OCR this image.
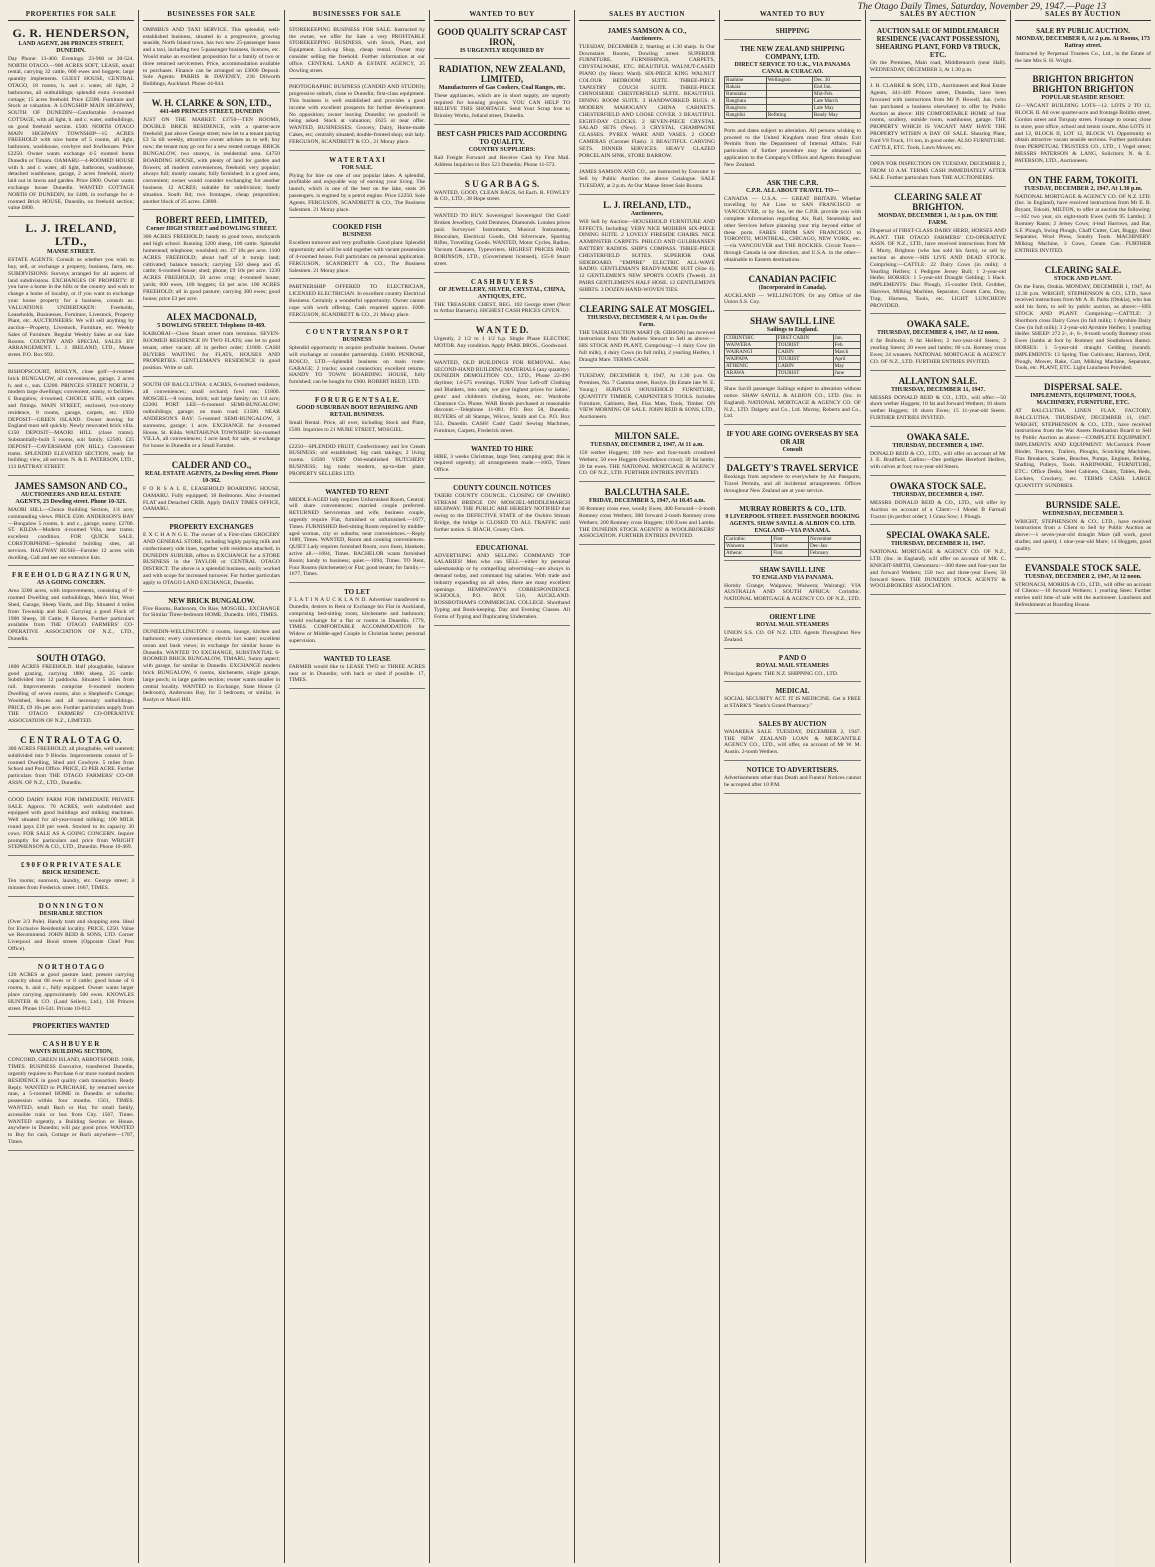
The Otago Daily Times, Saturday, November 29, 1947.—Page 13
PROPERTIES FOR SALE
G. R. HENDERSON,
LAND AGENT, 266 PRINCES STREET, DUNEDIN.
Day Phone: 13-460. Evenings: 23-960 or 20-524. NORTH OTAGO.—900 ACRES SOFT, LEASE, small rental, carrying 32 cattle, 600 ewes and hoggets; large quantity implements. GUEST HOUSE, CENTRAL OTAGO, 18 rooms, h. and c. water, all light, 2 bathrooms, all outbuildings; splendid extra 4-roomed cottage; 15 acres freehold. Price £2300. Furniture and Stock at valuation. A LONGSHIP MAIN HIGHWAY, SOUTH OF DUNEDIN—Comfortable 4-roomed COTTAGE, with all light, h. and c. water, outbuildings, on good freehold section. £500. NORTH OTAGO MAIN HIGHWAY TOWNSHIP—15 ACRES FREEHOLD with nice home of 5 rooms, all light, bathroom, washhouse, cowbyre and fowlhouses. Price £2250. Owner wants exchange 4-5 roomed home Dunedin or Timaru. OAMARU—4-ROOMED HOUSE with h. and c. water, all light, bathroom, washhouse, detached washhouse, garage, 2 acres freehold, nicely laid out in lawns and garden. Price £800. Owner wants exchange house Dunedin. WANTED COTTAGE NORTH OF DUNEDIN, for £400, in exchange for 4-roomed Brick HOUSE, Dunedin, on freehold section; value £800.
L. J. IRELAND, LTD.,
MANSE STREET.
ESTATE AGENTS: Consult us whether you wish to buy, sell, or exchange a property, business, farm, etc. SUBDIVISIONS: Surveys arranged for all aspects of land subdivisions. EXCHANGES OF PROPERTY: If you have a home in the hills or the country and wish to change a home of locality, or if you want to exchange your house property for a business, consult us. VALUATIONS UNDERTAKEN: Freeholds, Leaseholds, Businesses, Furniture, Livestock, Property Plant, etc. AUCTIONEERS: We will sell anything by auction—Property, Livestock, Furniture, etc. Weekly Sales of Furniture. Regular Weekly Sales at our Sale Rooms. COUNTRY AND SPECIAL SALES BY ARRANGEMENT. L. J. IRELAND, LTD., Manse street. P.O. Box 692.
BISHOPSCOURT, ROSLYN, close golf—4-roomed brick BUNGALOW, all conveniences, garage, 2 acres h. and c., sun. £3200. PRINCES STREET NORTH, 2 modern large dwellings; convenient, sunny, to facilities. £ Bungalow, 4-roomed, CHOICE SITE, with carpets and fittings. MAIN STREET, enclosed, two-storey residence, 8 rooms, garage, carpets, etc. £950 DEPOSIT—GREEN ISLAND. Owner leaving for England must sell quickly. Newly renovated brick villa. £150 DEPOSIT—MAORI HILL (close trams). Substantially-built 5 rooms, suit family. £2500. £25 DEPOSIT—CAVERSHAM (ON HILL). Convenient trams. SPLENDID ELEVATED SECTION, ready for building; view, all services. N. & E. PATERSON, LTD., 113 BATTRAY STREET.
JAMES SAMSON AND CO.,
AUCTIONEERS AND REAL ESTATE AGENTS, 23 Dowling street. Phone 10-321.
MAORI HILL—Choice Building Section, 1/4 acre, commanding views. PRICE £500. ANDERSON'S BAY—Bungalow 5 rooms, h. and c., garage, sunny. £2700. ST. KILDA—Modern 4-roomed Villa, near trams; excellent condition. FOR QUICK SALE. CORSTORPHINE—Splendid building sites, all services. HALFWAY BUSH—Farmlet 12 acres with dwelling. Call and see our extensive lists.
F R E E H O L D G R A Z I N G R U N,
AS A GOING CONCERN.
Area 3300 acres, with improvements, consisting of 6-roomed Dwelling and outbuildings, Men's Hut, Wool Shed, Garage, Sheep Yards, and Dip. Situated 4 miles from Township and Rail. Carrying a good Flock of 1900 Sheep, 30 Cattle, 8 Horses. Further particulars available from THE OTAGO FARMERS' CO-OPERATIVE ASSOCIATION OF N.Z., LTD., Dunedin.
SOUTH OTAGO.
1800 ACRES FREEHOLD. Half ploughable, balance good grazing, carrying 1800 sheep, 25 cattle. Subdivided into 12 paddocks. Situated 5 miles from rail. Improvements comprise 6-roomed modern Dwelling of seven rooms, also a Shepherd's Cottage; Woolshed, fences and all necessary outbuildings. PRICE, £9 10s per acre. Further particulars supply from THE OTAGO FARMERS' CO-OPERATIVE ASSOCIATION OF N.Z., LIMITED.
C E N T R A L O T A G O.
300 ACRES FREEHOLD, all ploughable, well watered; subdivided into 9 Blocks. Improvements consist of 5-roomed Dwelling, Shed and Cowbyre. 5 miles from School and Post Office. PRICE, £3 PER ACRE. Further particulars from THE OTAGO FARMERS' CO-OP. ASSN. OF N.Z., LTD., Dunedin.
GOOD DAIRY FARM FOR IMMEDIATE PRIVATE SALE. Approx. 70 ACRES, well subdivided and equipped with good buildings and milking machines. Well situated for all-year-round milking; 100 MILK round pays £18 per week. Stocked to its capacity 30 cows. FOR SALE AS A GOING CONCERN. Inquire promptly for particulars and price from WRIGHT STEPHENSON & CO., LTD., Dunedin. Phone 10-469.
£ 9 0 F O R P R I V A T E S A L E
BRICK RESIDENCE.
Ten rooms; sunroom, laundry, etc. George street; 3 minutes from Frederick street. 1667, TIMES.
D O N N I N G T O N
DESIRABLE SECTION
(Over 2/3 Pole). Handy tram and shopping area. Ideal for Exclusive Residential locality. PRICE, £250. Value we Recommend. JOHN REID & SONS, LTD. Corner Liverpool and Bond streets (Opposite Chief Post Office).
N O R T H O T A G O
120 ACRES at good pasture land; present carrying capacity about 60 ewes or 8 cattle; good house of 6 rooms, h. and c., fully equipped. Owner wants larger place carrying approximately 500 ewes. KNOWLES HUNTER & CO. (Land Sellers, Ltd.), 136 Princes street. Phone 16-541. Private 10-012.
PROPERTIES WANTED
C A S H B U Y E R
WANTS BUILDING SECTION,
CONCORD, GREEN ISLAND, ABBOTSFORD. 1666, TIMES. BUSINESS Executive, transferred Dunedin, urgently requires to Purchase 6 or more roomed modern RESIDENCE in good quality cash transaction. Ready Reply. WANTED to PURCHASE, by returned service man, a 5-roomed HOME in Dunedin or suburbs; possession within four months. 1561, TIMES. WANTED, small Bach or Hut, for small family, accessible train or bus from City. 1567, Times. WANTED urgently, a Building Section or House, anywhere in Dunedin; will pay good price. WANTED to Buy for cash, Cottage or Bach anywhere—1787, Times.
BUSINESSES FOR SALE
OMNIBUS AND TAXI SERVICE. This splendid, well-established business, situated in a progressive, growing seaside, North Island town, has two new 25-passenger buses and a taxi, including two 5-passenger business, licences, etc. Would make an excellent proposition for a family of two or three returned servicemen. Price, accommodation available to purchaser. Finance can be arranged on £3000 Deposit. Sole Agents: PARRIS & DAVENEY, 236 Dilworth Buildings, Auckland. Phone 44-044.
W. H. CLARKE & SON, LTD.,
441-449 PRINCES STREET, DUNEDIN
JUST ON THE MARKET. £3750—TEN ROOMS, DOUBLE BRICK RESIDENCE, with a quarter-acre freehold; just above George street; now let to a tenant paying £3 5s till weekly, attractive owner advises us to sell; buy now; the tenant may go out for a new rented cottage. BRICK BUNGALOW, two storeys, in residential area. £4750 BOARDING HOUSE, with plenty of land for garden and flowers; all modern conveniences, freehold; very popular; always full; mostly casuals; fully furnished; in a good area, convenient; owner would consider exchanging for another business. 12 ACRES; suitable for subdivision; handy situation. South Rd; two frontages, cheap proposition; another block of 25 acres. £3800.
ROBERT REED, LIMITED,
Corner HIGH STREET and DOWLING STREET.
300 ACRES FREEHOLD; handy to good town, stockyards and high school. Running 1200 sheep, 100 cattle. Splendid homestead; telephone; woolshed; etc. £7 10s per acre. 1100 ACRES FREEHOLD; about half of it turnip land; cultivated; balance tussock; carrying 550 sheep and 45 cattle; 6-roomed house; shed; phone; £9 10s per acre. 1230 ACRES FREEHOLD; 50 acres crop; 4-roomed house; yards; 600 ewes, 100 hoggets; £4 per acre. 100 ACRES FREEHOLD; all in good pasture; carrying 300 ewes; good house; price £3 per acre.
ALEX MACDONALD,
5 DOWLING STREET. Telephone 10-469.
KAIKORAI—Close Stuart street tram terminus. SEVEN-ROOMED RESIDENCE IN TWO FLATS; one let to good tenant, other vacant; all in perfect order; £1600. CASH BUYERS WAITING for FLATS, HOUSES AND PROPERTIES. GENTLEMAN'S RESIDENCE in good position. Write or call.
SOUTH OF BALCLUTHA: 4 ACRES, 6-roomed residence, all conveniences; small orchard; fowl run; £1800. MOSGIEL—8 rooms, brick; suit large family; on 1/4 acre; £2200. PORT LEE—6-roomed SEMI-BUNGALOW; outbuildings; garage; on main road; £1500. NEAR ANDERSON'S BAY: 5-roomed SEMI-BUNGALOW, 3 sunrooms, garage; 1 acre. EXCHANGE for 4-roomed House, St. Kilda. WAITAHUNA TOWNSHIP: Six-roomed VILLA, all conveniences; 1 acre land; for sale, or exchange for house in Dunedin or a Small Farmlet.
CALDER AND CO.,
REAL ESTATE AGENTS, 2a Dowling street. Phone 10-362.
F O R S A L E, LEASEHOLD BOARDING HOUSE, OAMARU. Fully equipped; 18 Bedrooms. Also 4-roomed FLAT and Detached CRIB. Apply DAILY TIMES OFFICE, OAMARU.
PROPERTY EXCHANGES
E X C H A N G E. The owner of a First-class GROCERY AND GENERAL STORE, including highly paying milk and confectionery side lines, together with residence attached, in DUNEDIN SUBURB, offers to EXCHANGE for a STORE BUSINESS in the TAYLOR or CENTRAL OTAGO DISTRICT. The above is a splendid business, easily worked and with scope for increased turnover. For further particulars apply to OTAGO LAND EXCHANGE, Dunedin.
NEW BRICK BUNGALOW.
Five Rooms, Bathroom, On Rise, MOSGIEL. EXCHANGE for Similar Three-bedroom HOME, Dunedin. 1861, TIMES.
DUNEDIN-WELLINGTON: 4 rooms, lounge, kitchen and bathroom; every convenience; electric hot water; excellent ocean and bush views; in exchange for similar house in Dunedin. WANTED TO EXCHANGE, SUBSTANTIAL 6-ROOMED BRICK BUNGALOW, TIMARU, Sunny aspect; with garage, for similar in Dunedin. EXCHANGE modern brick BUNGALOW, 6 rooms, kitchenette, single garage, large porch; in large garden section; owner wants smaller in central locality. WANTED to Exchange, State House (2 bedroom), Andersons Bay, for 3 bedroom, or similar, in Roslyn or Maori Hill.
BUSINESSES FOR SALE
STOREKEEPING BUSINESS FOR SALE. Instructed by the owner, we offer for Sale a very PROFITABLE STOREKEEPING BUSINESS, with Stock, Plant, and Equipment. Lock-up Shop, cheap rental. Owner may consider selling the freehold. Further information at our office. CENTRAL LAND & ESTATE AGENCY, 25 Dowling street.
PHOTOGRAPHIC BUSINESS (CANDID AND STUDIO); progressive suburb, close to Dunedin; first-class equipment. This business is well established and provides a good income with excellent prospects for further development. No opposition; owner leaving Dunedin; no goodwill is being asked. Stock at valuation; £625 or near offer. WANTED, BUSINESSES: Grocery, Dairy, Home-made Cakes, etc; centrally situated; double-fronted shop; suit lady. FERGUSON, SCANDRETT & CO., 21 Moray place.
W A T E R T A X I
FOR SALE.
Plying for hire on one of our popular lakes. A splendid, profitable and enjoyable way of earning your living. The launch, which is one of the best on the lake, seats 26 passengers, is engined by a petrol engine. Price £2250. Sole Agents. FERGUSON, SCANDRETT & CO., The Business Salesmen. 21 Moray place.
COOKED FISH
BUSINESS
Excellent turnover and very profitable. Good plant. Splendid opportunity and will be sold together with vacant possession of 4-roomed house. Full particulars on personal application. FERGUSON, SCANDRETT & CO., The Business Salesmen. 21 Moray place.
PARTNERSHIP OFFERED TO ELECTRICIAN, LICENSED ELECTRICIAN. In excellent country Electrical Business. Certainly a wonderful opportunity. Owner cannot cope with work offering. Cash required approx. £600. FERGUSON, SCANDRETT & CO., 21 Moray place.
C O U N T R Y T R A N S P O R T
BUSINESS
Splendid opportunity to acquire profitable business. Owner will exchange or consider partnership. £1600. PENROSE, ROSCO, LTD.—Splendid business on main route; GARAGE; 2 trucks; sound connection; excellent returns. HANDY TO TOWN: BOARDING HOUSE, fully furnished; can be bought for £900. ROBERT REED, LTD.
F O R U R G E N T S A L E.
GOOD SUBURBAN BOOT REPAIRING AND RETAIL BUSINESS.
Small Rental. Price, all over, including Stock and Plant, £500. Inquiries to 21 MURE STREET, MOSGIEL.
£2250—SPLENDID FRUIT, Confectionery and Ice Cream BUSINESS; old established; big cash takings; 2 living rooms. £4500 VERY Old-established BUTCHERY BUSINESS; big trade; modern, up-to-date plant. PROPERTY SELLERS LTD.
WANTED TO RENT
MIDDLE-AGED lady requires Unfurnished Room, Central; will share conveniences; married couple preferred. RETURNED Serviceman and wife, business couple, urgently require Flat, furnished or unfurnished.—1677, Times. FURNISHED Bed-sitting Room required by middle-aged woman, city or suburbs; near conveniences.—Reply 1689, Times. WANTED, Room and cooking conveniences. QUIET Lady requires furnished Room, own linen, blankets; active all.—1684, Times. BACHELOR wants furnished Room; handy to business; quiet.—1694, Times. TO Rent, Four Rooms (kitchenette) or Flat; good tenant; for family.—1677, Times.
TO LET
F L A T I N A U C K L A N D. Advertiser transferred to Dunedin, desires to Rent or Exchange his Flat in Auckland, comprising bed-sitting room, kitchenette and bathroom; would exchange for a flat or rooms in Dunedin. 1779, TIMES. COMFORTABLE ACCOMMODATION for Widow or Middle-aged Couple in Christian home; personal supervision.
WANTED TO LEASE
FARMER would like to LEASE TWO or THREE ACRES near or in Dunedin; with bach or shed if possible. 17, TIMES.
WANTED TO BUY
GOOD QUALITY SCRAP CAST IRON,
IS URGENTLY REQUIRED BY
RADIATION, NEW ZEALAND, LIMITED,
Manufacturers of Gas Cookers, Coal Ranges, etc.
These appliances, which are in short supply, are urgently required for housing projects. YOU CAN HELP TO RELIEVE THIS SHORTAGE. Send Your Scrap Iron to Brinsley Works, Jutland street, Dunedin.
BEST CASH PRICES PAID ACCORDING TO QUALITY.
COUNTRY SUPPLIERS:
Rail Freight Forward and Receive Cash by First Mail. Address Inquiries to Box 523 Dunedin; Phone 11-572.
S U G A R B A G S.
WANTED, GOOD, CLEAN BAGS, 6d Each. R. FOWLEY & CO., LTD., 38 Hope street.
WANTED TO BUY. Sovereigns! Sovereigns! Old Gold! Broken Jewellery, Gold Dentures, Diamonds. London prices paid. Surveyors' Instruments, Musical Instruments, Binoculars, Electrical Goods, Old Silverware, Sporting Rifles, Travelling Goods. WANTED, Motor Cycles, Radios, Vacuum Cleaners, Typewriters. HIGHEST PRICES PAID. ROBINSON, LTD., (Government licensed), 155-8 Stuart street.
C A S H B U Y E R S
OF JEWELLERY, SILVER, CRYSTAL, CHINA, ANTIQUES, ETC.
THE TREASURE CHEST, REG. 102 George street (Next to Arthur Barnett's). HIGHEST CASH PRICES GIVEN.
W A N T E D.
Urgently, 2 1/2 to 1 1/2 h.p. Single Phase ELECTRIC MOTOR. Any condition. Apply PARK BROS., Goodwood.
WANTED, OLD BUILDINGS FOR REMOVAL. Also SECOND-HAND BUILDING MATERIALS (any quantity). DUNEDIN DEMOLITION CO., LTD., Phone 22-496 daytime; 14-575 evenings. TURN Your Left-off Clothing and Blankets, into cash; we give highest prices for ladies', gents' and children's clothing, boots, etc. Wardrobe Clearance Co. Phone. WAR Bonds purchased at reasonable discount.—Telephone 11-081. P.O. Box 58, Dunedin. BUYERS of all Stamps, Wilcox, Smith and Co. P.O. Box 551, Dunedin. CASH! Cash! Cash! Sewing Machines, Furniture, Carpets, Frederick street.
WANTED TO HIRE
HIRE, 3 weeks Christmas, large Tent, camping gear; this is required urgently; all arrangements made.—1663, Times Office.
COUNTY COUNCIL NOTICES
TAIERI COUNTY COUNCIL. CLOSING OF OWHIRO STREAM BRIDGE ON MOSGIEL-MIDDLEMARCH HIGHWAY. THE PUBLIC ARE HEREBY NOTIFIED that owing to the DEFECTIVE STATE of the Owhiro Stream Bridge, the bridge is CLOSED TO ALL TRAFFIC until further notice. S. RIACH, County Clerk.
EDUCATIONAL
ADVERTISING AND SELLING COMMAND TOP SALARIES! Men who can SELL—either by personal salesmanship or by compelling advertising—are always in demand today, and command big salaries. With trade and industry expanding on all sides, there are many excellent openings. HEMINGWAY'S CORRESPONDENCE SCHOOLS, P.O. BOX 516, AUCKLAND. ROSSBOTHAM'S COMMERCIAL COLLEGE. Shorthand Typing and Book-keeping. Day and Evening Classes. All Forms of Typing and Duplicating Undertaken.
SALES BY AUCTION
JAMES SAMSON & CO.,
Auctioneers.
TUESDAY, DECEMBER 2, Starting at 1.30 sharp. In Our Downstairs Rooms, Dowling street. SUPERIOR FURNITURE, FURNISHINGS, CARPETS, CRYSTALWARE, ETC. BEAUTIFUL WALNUT-CASED PIANO (by Henry Ward). SIX-PIECE KING WALNUT COLOUR BEDROOM SUITE. THREE-PIECE TAPESTRY COUCH SUITE. THREE-PIECE CHINOISERIE CHESTERFIELD SUITE. BEAUTIFUL DINING ROOM SUITE. 3 HANDWORKED RUGS. 6 MODERN MAHOGANY CHINA CABINETS. CHESTERFIELD AND LOOSE COVER. 3 BEAUTIFUL EIGHT-DAY CLOCKS. 2 SEVEN-PIECE CRYSTAL SALAD SETS (New). 3 CRYSTAL CHAMPAGNE GLASSES. PYREX WARE AND VASES. 2 GOOD CAMERAS (Coronet Flash). 3 BEAUTIFUL CARVING SETS. DINNER SERVICES. HEAVY GLAZED PORCELAIN SINK, STORE BARROW.
JAMES SAMSON AND CO., are instructed by Executor to Sell by Public Auction the above Catalogue. SALE TUESDAY, at 2 p.m. At Our Manse Street Sale Rooms.
L. J. IRELAND, LTD.,
Auctioneers,
Will Sell by Auction—HOUSEHOLD FURNITURE AND EFFECTS, Including: VERY NICE MODERN SIX-PIECE DINING SUITE. 2 LOVELY FIRESIDE CHAIRS. NICE AXMINSTER CARPETS. PHILCO AND GULBRANSEN BATTERY RADIOS. SHIP'S COMPASS. THREE-PIECE CHESTERFIELD SUITES. SUPERIOR OAK SIDEBOARD. "EMPIRE" ELECTRIC ALL-WAVE RADIO. GENTLEMAN'S READY-MADE SUIT (Size 4). 12 GENTLEMEN'S NEW SPORTS COATS (Tweed). 24 PAIRS GENTLEMEN'S HALF HOSE. 12 GENTLEMEN'S SHIRTS. 3 DOZEN HAND-WOVEN TIES.
CLEARING SALE AT MOSGIEL.
THURSDAY, DECEMBER 4, At 1 p.m. On the Farm.
THE TAIERI AUCTION MART (R. GIBSON) has received instructions from Mr Andrew Stewart to Sell as above:—HIS STOCK AND PLANT, Comprising:—1 dairy Cow (in full milk), 4 dairy Cows (in full milk), 2 yearling Heifers, 1 Draught Mare. TERMS CASH.
TUESDAY, DECEMBER 9, 1947, At 1.30 p.m. On Premises, No. 7 Gamma street, Roslyn. (In Estate late W. E. Young.) SURPLUS HOUSEHOLD FURNITURE, QUANTITY TIMBER, CARPENTER'S TOOLS. Includes Furniture, Cabinets, Bed, Flax Mats, Tools, Timber. ON VIEW MORNING OF SALE. JOHN REID & SONS, LTD., Auctioneers.
MILTON SALE.
TUESDAY, DECEMBER 2, 1947, At 11 a.m.
150 wether Hoggets; 100 two- and four-tooth crossbred Wethers; 50 ewe Hoggets (Southdown cross); 30 fat lambs; 20 fat ewes. THE NATIONAL MORTGAGE & AGENCY CO. OF N.Z., LTD. FURTHER ENTRIES INVITED.
BALCLUTHA SALE.
FRIDAY, DECEMBER 5, 1947, At 10.45 a.m.
30 Romney cross ewe, woolly Ewes; 400 Forward—2-tooth Romney cross Wethers; 300 forward 2-tooth Romney cross Wethers; 200 Romney cross Hoggets; 100 Ewes and Lambs. THE DUNEDIN STOCK AGENTS' & WOOLBROKERS' ASSOCIATION. FURTHER ENTRIES INVITED.
WANTED TO BUY
SHIPPING
THE NEW ZEALAND SHIPPING COMPANY, LTD.
DIRECT SERVICE TO U.K., VIA PANAMA CANAL & CURACAO.
Ruahine	Wellington	Dec. 30
Rakaia		End Jan.
Rimutaka		Mid-Feb.
Rangitata		Late March
Rangitoto		Late May
Rangitiki	Refitting	Ready May
Ports and dates subject to alteration. All persons wishing to proceed to the United Kingdom must first obtain Exit Permits from the Department of Internal Affairs. Full particulars of further procedure may be obtained on application to the Company's Offices and Agents throughout New Zealand.
ASK THE C.P.R.
C.P.R. ALL ABOUT TRAVEL TO—
CANADA — U.S.A. — GREAT BRITAIN. Whether travelling by Air Line to SAN FRANCISCO or VANCOUVER, or by Sea, let the C.P.R. provide you with complete information regarding Air, Rail, Steamship and other Services before planning your trip beyond either of these ports. FARES FROM SAN FRANCISCO to TORONTO, MONTREAL, CHICAGO, NEW YORK, etc.—via VANCOUVER and THE ROCKIES. Circuit Tours—through Canada in one direction, and U.S.A. in the other—obtainable to Eastern destinations.
CANADIAN PACIFIC
(Incorporated in Canada).
AUCKLAND — WELLINGTON. Or any Office of the Union S.S. Coy.
SHAW SAVILL LINE
Sailings to England.
CORINTHIC	FIRST CABIN	Jan.
WAIWERA	TOURIST	Feb.
WAIRANGI	CABIN	March
WAIPAPA	TOURIST	April
ATHENIC	CABIN	May
ARAWA	TOURIST	June
Shaw Savill passenger Sailings subject to alteration without notice. SHAW SAVILL & ALBION CO., LTD. (Inc. in England). NATIONAL MORTGAGE & AGENCY CO. OF N.Z., LTD. Dalgety and Co., Ltd. Murray, Roberts and Co., Ltd.
IF YOU ARE GOING OVERSEAS BY SEA OR AIR
Consult
DALGETY'S TRAVEL SERVICE
Bookings from anywhere to everywhere by Air Passports, Travel Permits, and all incidental arrangements. Offices throughout New Zealand are at your service.
MURRAY ROBERTS & CO., LTD.
9 LIVERPOOL STREET. PASSENGER BOOKING AGENTS. SHAW SAVILL & ALBION CO. LTD. ENGLAND—VIA PANAMA.
Corinthic	First	November
Waiwera	Tourist	Dec-Jan
Athenic	First	February
SHAW SAVILL LINE
TO ENGLAND VIA PANAMA.
Hornby Grange; Waipawa; Waiwera; Wairangi; VIA AUSTRALIA AND SOUTH AFRICA: Corinthic. NATIONAL MORTGAGE & AGENCY CO. OF N.Z., LTD.
ORIENT LINE
ROYAL MAIL STEAMERS
UNION S.S. CO. OF N.Z. LTD. Agents Throughout New Zealand.
P AND O
ROYAL MAIL STEAMERS
Principal Agents: THE N.Z. SHIPPING CO., LTD.
MEDICAL
SOCIAL SECURITY ACT. IT IS MEDICINE. Get it FREE at STARK'S "Stark's Grand Pharmacy."
SALES BY AUCTION
WAIAREKA SALE. TUESDAY, DECEMBER 2, 1947. THE NEW ZEALAND LOAN & MERCANTILE AGENCY CO., LTD., will offer, on account of Mr W. M. Austin. 2-tooth Wethers.
NOTICE TO ADVERTISERS.
Advertisements other than Death and Funeral Notices cannot be accepted after 10 P.M.
SALES BY AUCTION
AUCTION SALE OF MIDDLEMARCH RESIDENCE (VACANT POSSESSION), SHEARING PLANT, FORD V8 TRUCK, ETC.
On the Premises, Main road, Middlemarch (near Hall). WEDNESDAY, DECEMBER 3, At 1.30 p.m.
J. H. CLARKE & SON, LTD., Auctioneers and Real Estate Agents, 441-449 Princes street, Dunedin, have been favoured with instructions from Mr P. Howell, Jun. (who has purchased a business elsewhere) to offer by Public Auction as above: HIS COMFORTABLE HOME of four rooms, scullery, outside room, washhouse, garage. THE PROPERTY WHICH IS VACANT MAY HAVE THE PROPERTY WITHIN A DAY OF SALE. Shearing Plant, Ford V8 Truck, 1½ ton, in good order. ALSO FURNITURE. CATTLE, ETC. Tools, Lawn Mower, etc.
OPEN FOR INSPECTION ON TUESDAY, DECEMBER 2, FROM 10 A.M. TERMS CASH IMMEDIATELY AFTER SALE. Further particulars from THE AUCTIONEERS.
CLEARING SALE AT BRIGHTON.
MONDAY, DECEMBER 1, At 1 p.m. ON THE FARM.
Dispersal of FIRST-CLASS DAIRY HERD, HORSES AND PLANT. THE OTAGO FARMERS' CO-OPERATIVE ASSN. OF N.Z., LTD., have received instructions from Mr J. Murty, Brighton (who has sold his farm), to sell by auction as above:—HIS LIVE AND DEAD STOCK. Comprising:—CATTLE: 22 Dairy Cows (in milk); 4 Yearling Heifers; 1 Pedigree Jersey Bull; 1 2-year-old Heifer. HORSES: 1 5-year-old Draught Gelding; 1 Hack. IMPLEMENTS: Disc Plough, 15-coulter Drill, Grubber, Harrows, Milking Machine, Separator, Cream Cans, Dray, Trap, Harness, Tools, etc. LIGHT LUNCHEON PROVIDED.
OWAKA SALE.
THURSDAY, DECEMBER 4, 1947, At 12 noon.
4 fat Bullocks; 6 fat Heifers; 2 two-year-old Steers; 2 yearling Steers; 20 ewes and lambs; 60 s.m. Romney cross Ewes; 24 weaners. NATIONAL MORTGAGE & AGENCY CO. OF N.Z., LTD. FURTHER ENTRIES INVITED.
ALLANTON SALE.
THURSDAY, DECEMBER 11, 1947.
MESSRS DONALD REID & CO., LTD., will offer:—50 shorn wether Hoggets; 10 fat and forward Wethers; 10 shorn wether Hoggets; 10 shorn Ewes; 15 11-year-old Steers. FURTHER ENTRIES INVITED.
OWAKA SALE.
THURSDAY, DECEMBER 4, 1947.
DONALD REID & CO., LTD., will offer on account of Mr J. E. Bradfield, Catlins:—One pedigree Hereford Heifers, with calves at foot; two-year-old Steers.
OWAKA STOCK SALE.
THURSDAY, DECEMBER 4, 1947.
MESSRS DONALD REID & CO., LTD., will offer by Auction on account of a Client:—1 Model B Farmall Tractor (in perfect order); 1 Grass Sow; 1 Plough.
SPECIAL OWAKA SALE.
THURSDAY, DECEMBER 11, 1947.
NATIONAL MORTGAGE & AGENCY CO. OF N.Z., LTD. (Inc. in England), will offer on account of MR. C. KNIGHT-SMITH, Glenomaru:—300 three and four-year fat and forward Wethers; 150 two and three-year Ewes; 50 forward Steers. THE DUNEDIN STOCK AGENTS' & WOOLBROKERS' ASSOCIATION.
SALES BY AUCTION
SALE BY PUBLIC AUCTION.
MONDAY, DECEMBER 8, At 2 p.m. At Rooms, 173 Rattray street.
Instructed by Perpetual Trustees Co., Ltd., in the Estate of the late Mrs S. H. Wright.
BRIGHTON BRIGHTON BRIGHTON BRIGHTON
POPULAR SEASIDE RESORT.
12—VACANT BUILDING LOTS—12. LOTS 2 TO 12, BLOCK II. All over quarter-acre and frontage Bolitho street, Gordon street and Torquay street. Frontage to ocean; close to store, post office, school and tennis courts. Also LOTS 11 and 12, BLOCK II, LOT 12, BLOCK VI. Opportunity to obtain attractive vacant seaside sections. Further particulars from PERPETUAL TRUSTEES CO., LTD., 1 Vogel street; MESSRS PATERSON & LANG, Solicitors; N. & E. PATERSON, LTD., Auctioneers.
ON THE FARM, TOKOITI.
TUESDAY, DECEMBER 2, 1947, At 1.30 p.m.
NATIONAL MORTGAGE & AGENCY CO. OF N.Z. LTD. (Inc. in England), have received instructions from Mr E. B. Bryant, Tokoiti, MILTON, to offer at auction the following:—102 two year, six eight-tooth Ewes (with 95 Lambs); 3 Romney Rams; 2 Jersey Cows; 4-leaf Harrows, and Bar, S.F. Plough, Swing Plough, Chaff Cutter, Cart, Buggy, Ideal Separator, Wool Press, Sundry Tools. MACHINERY: Milking Machine, 3 Cows, Cream Can. FURTHER ENTRIES INVITED.
CLEARING SALE.
STOCK AND PLANT.
On the Farm, Otokia. MONDAY, DECEMBER 1, 1947, At 12.30 p.m. WRIGHT, STEPHENSON & CO., LTD., have received instructions from Mr A. B. Parks (Otokia), who has sold his farm, to sell by public auction, as above:—HIS STOCK AND PLANT. Comprising:—CATTLE: 3 Shorthorn cross Dairy Cows (in full milk); 1 Ayrshire Dairy Cow (in full milk); 3 2-year-old Ayrshire Heifers; 1 yearling Heifer. SHEEP: 272 2-, 4-, 6-, 8-tooth woolly Romney cross Ewes (lambs at foot by Romney and Southdown Rams). HORSES: 1 5-year-old draught Gelding (sound). IMPLEMENTS: 13 Spring Tine Cultivator, Harrows, Drill, Plough, Mower, Rake, Cart, Milking Machine, Separator, Tools, etc. PLANT, ETC. Light Luncheon Provided.
DISPERSAL SALE.
IMPLEMENTS, EQUIPMENT, TOOLS, MACHINERY, FURNITURE, ETC.
AT BALCLUTHA LINEN FLAX FACTORY, BALCLUTHA. THURSDAY, DECEMBER 11, 1947. WRIGHT, STEPHENSON & CO., LTD., have received instructions from the War Assets Realisation Board to Sell by Public Auction as above:—COMPLETE EQUIPMENT. IMPLEMENTS AND EQUIPMENT: McCormick Power Binder, Tractors, Trailers, Ploughs, Scutching Machines, Flax Breakers, Scales, Benches, Pumps, Engines, Belting, Shafting, Pulleys, Tools. HARDWARE, FURNITURE, ETC.: Office Desks, Steel Cabinets, Chairs, Tables, Beds, Lockers, Crockery, etc. TERMS CASH. LARGE QUANTITY SUNDRIES.
BURNSIDE SALE.
WEDNESDAY, DECEMBER 3.
WRIGHT, STEPHENSON & CO., LTD., have received instructions from a Client to Sell by Public Auction as above:—1 seven-year-old draught Mare (all work, good shafter, and quiet); 1 nine-year-old Mare; 14 Hoggets, good quality.
EVANSDALE STOCK SALE.
TUESDAY, DECEMBER 2, 1947, At 12 noon.
STRONACH, MORRIS & CO., LTD., will offer on account of Clients:—10 forward Wethers; 1 yearling Steer. Further entries until time of sale with the auctioneer. Luncheon and Refreshments at Boarding House.
